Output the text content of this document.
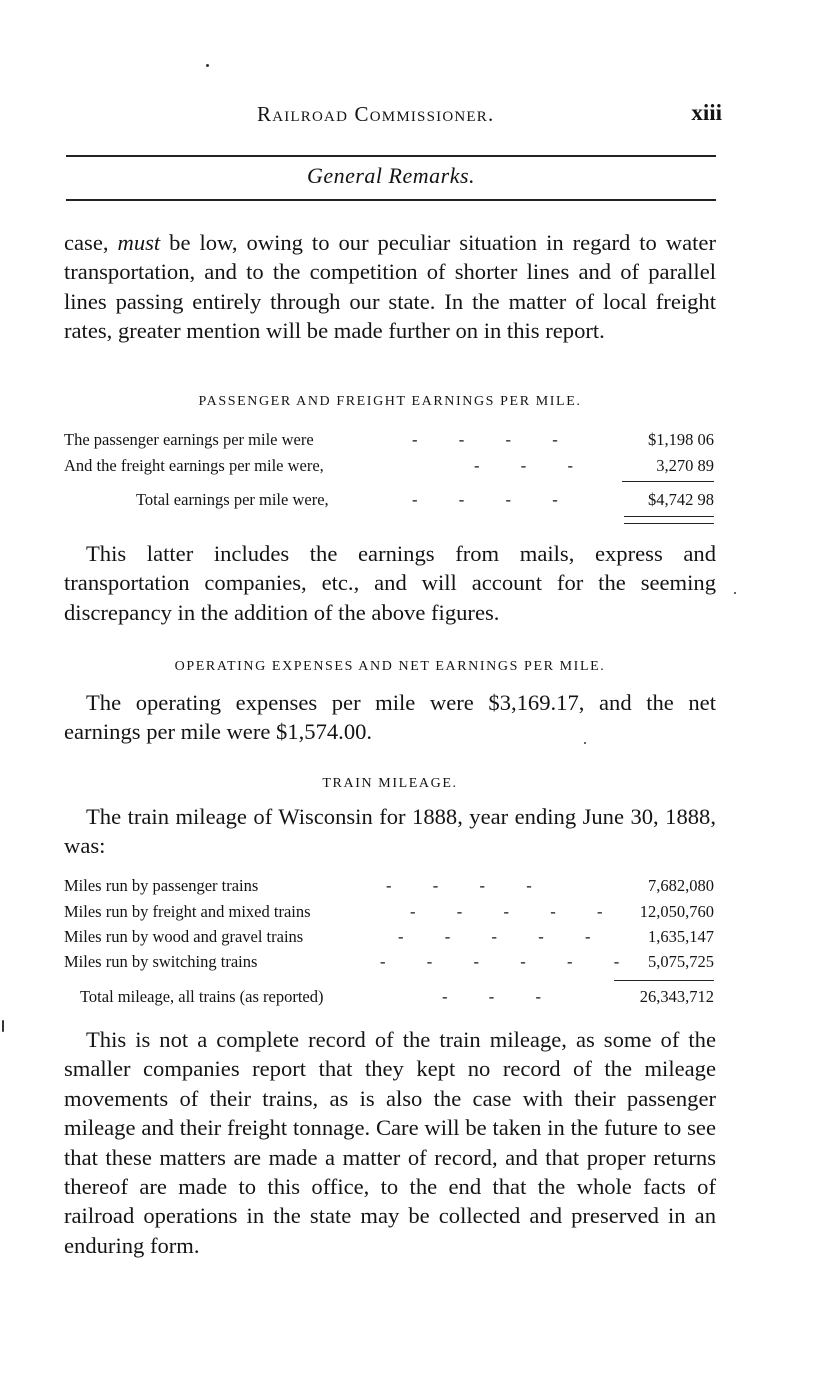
Railroad Commissioner.	xiii
General Remarks.

case, must be low, owing to our peculiar situation in regard to water transportation, and to the competition of shorter lines and of parallel lines passing entirely through our state. In the matter of local freight rates, greater mention will be made further on in this report.

PASSENGER AND FREIGHT EARNINGS PER MILE.
The passenger earnings per mile were	-          -          -          -	$1,198 06
And the freight earnings per mile were,	-          -          -	3,270 89
Total earnings per mile were,	-          -          -          -	$4,742 98

This latter includes the earnings from mails, express and transportation companies, etc., and will account for the seeming discrepancy in the addition of the above figures.

OPERATING EXPENSES AND NET EARNINGS PER MILE.

The operating expenses per mile were $3,169.17, and the net earnings per mile were $1,574.00.

TRAIN MILEAGE.

The train mileage of Wisconsin for 1888, year ending June 30, 1888, was:

Miles run by passenger trains	-          -          -          -	7,682,080
Miles run by freight and mixed trains	-          -          -          -          - 12,050,760
Miles run by wood and gravel trains	-          -          -          -          -	1,635,147
Miles run by switching trains	-          -          -          -          -          - 5,075,725
Total mileage, all trains (as reported)	-          -          -	26,343,712

This is not a complete record of the train mileage, as some of the smaller companies report that they kept no record of the mileage movements of their trains, as is also the case with their passenger mileage and their freight tonnage. Care will be taken in the future to see that these matters are made a matter of record, and that proper returns thereof are made to this office, to the end that the whole facts of railroad operations in the state may be collected and preserved in an enduring form.
